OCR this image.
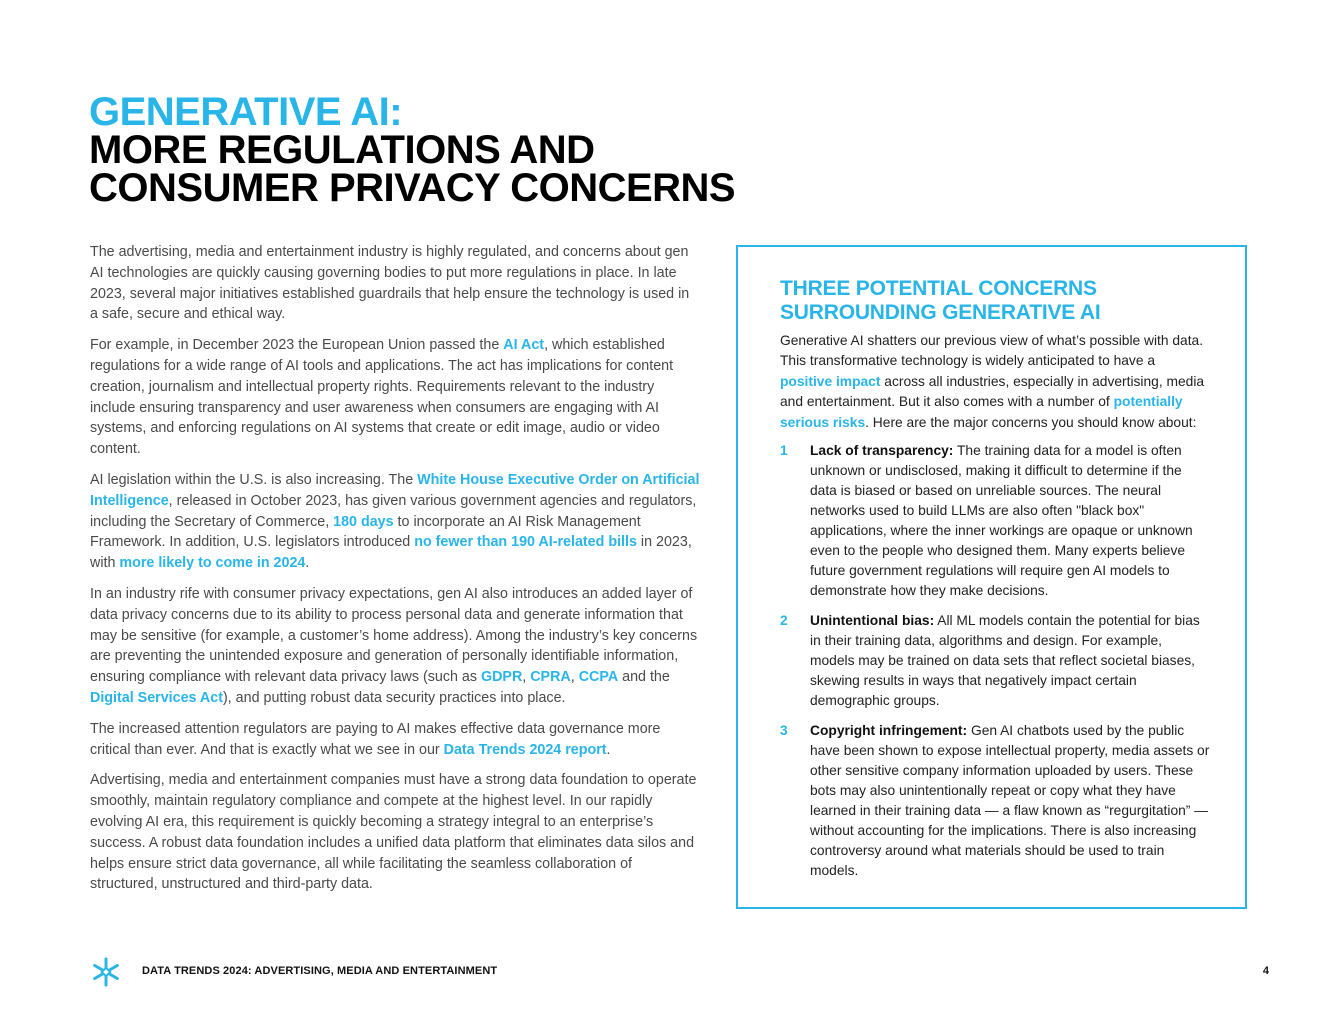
GENERATIVE AI:
MORE REGULATIONS AND
CONSUMER PRIVACY CONCERNS

The advertising, media and entertainment industry is highly regulated, and concerns about gen AI technologies are quickly causing governing bodies to put more regulations in place. In late 2023, several major initiatives established guardrails that help ensure the technology is used in a safe, secure and ethical way.

For example, in December 2023 the European Union passed the AI Act, which established regulations for a wide range of AI tools and applications. The act has implications for content creation, journalism and intellectual property rights. Requirements relevant to the industry include ensuring transparency and user awareness when consumers are engaging with AI systems, and enforcing regulations on AI systems that create or edit image, audio or video content.

AI legislation within the U.S. is also increasing. The White House Executive Order on Artificial Intelligence, released in October 2023, has given various government agencies and regulators, including the Secretary of Commerce, 180 days to incorporate an AI Risk Management Framework. In addition, U.S. legislators introduced no fewer than 190 AI-related bills in 2023, with more likely to come in 2024.

In an industry rife with consumer privacy expectations, gen AI also introduces an added layer of data privacy concerns due to its ability to process personal data and generate information that may be sensitive (for example, a customer’s home address). Among the industry’s key concerns are preventing the unintended exposure and generation of personally identifiable information, ensuring compliance with relevant data privacy laws (such as GDPR, CPRA, CCPA and the Digital Services Act), and putting robust data security practices into place.

The increased attention regulators are paying to AI makes effective data governance more critical than ever. And that is exactly what we see in our Data Trends 2024 report.

Advertising, media and entertainment companies must have a strong data foundation to operate smoothly, maintain regulatory compliance and compete at the highest level. In our rapidly evolving AI era, this requirement is quickly becoming a strategy integral to an enterprise’s success. A robust data foundation includes a unified data platform that eliminates data silos and helps ensure strict data governance, all while facilitating the seamless collaboration of structured, unstructured and third-party data.

THREE POTENTIAL CONCERNS
SURROUNDING GENERATIVE AI

Generative AI shatters our previous view of what’s possible with data. This transformative technology is widely anticipated to have a positive impact across all industries, especially in advertising, media and entertainment. But it also comes with a number of potentially serious risks. Here are the major concerns you should know about:

1 Lack of transparency: The training data for a model is often unknown or undisclosed, making it difficult to determine if the data is biased or based on unreliable sources. The neural networks used to build LLMs are also often "black box" applications, where the inner workings are opaque or unknown even to the people who designed them. Many experts believe future government regulations will require gen AI models to demonstrate how they make decisions.
2 Unintentional bias: All ML models contain the potential for bias in their training data, algorithms and design. For example, models may be trained on data sets that reflect societal biases, skewing results in ways that negatively impact certain demographic groups.
3 Copyright infringement: Gen AI chatbots used by the public have been shown to expose intellectual property, media assets or other sensitive company information uploaded by users. These bots may also unintentionally repeat or copy what they have learned in their training data — a flaw known as “regurgitation” — without accounting for the implications. There is also increasing controversy around what materials should be used to train models.
DATA TRENDS 2024: ADVERTISING, MEDIA AND ENTERTAINMENT	4
